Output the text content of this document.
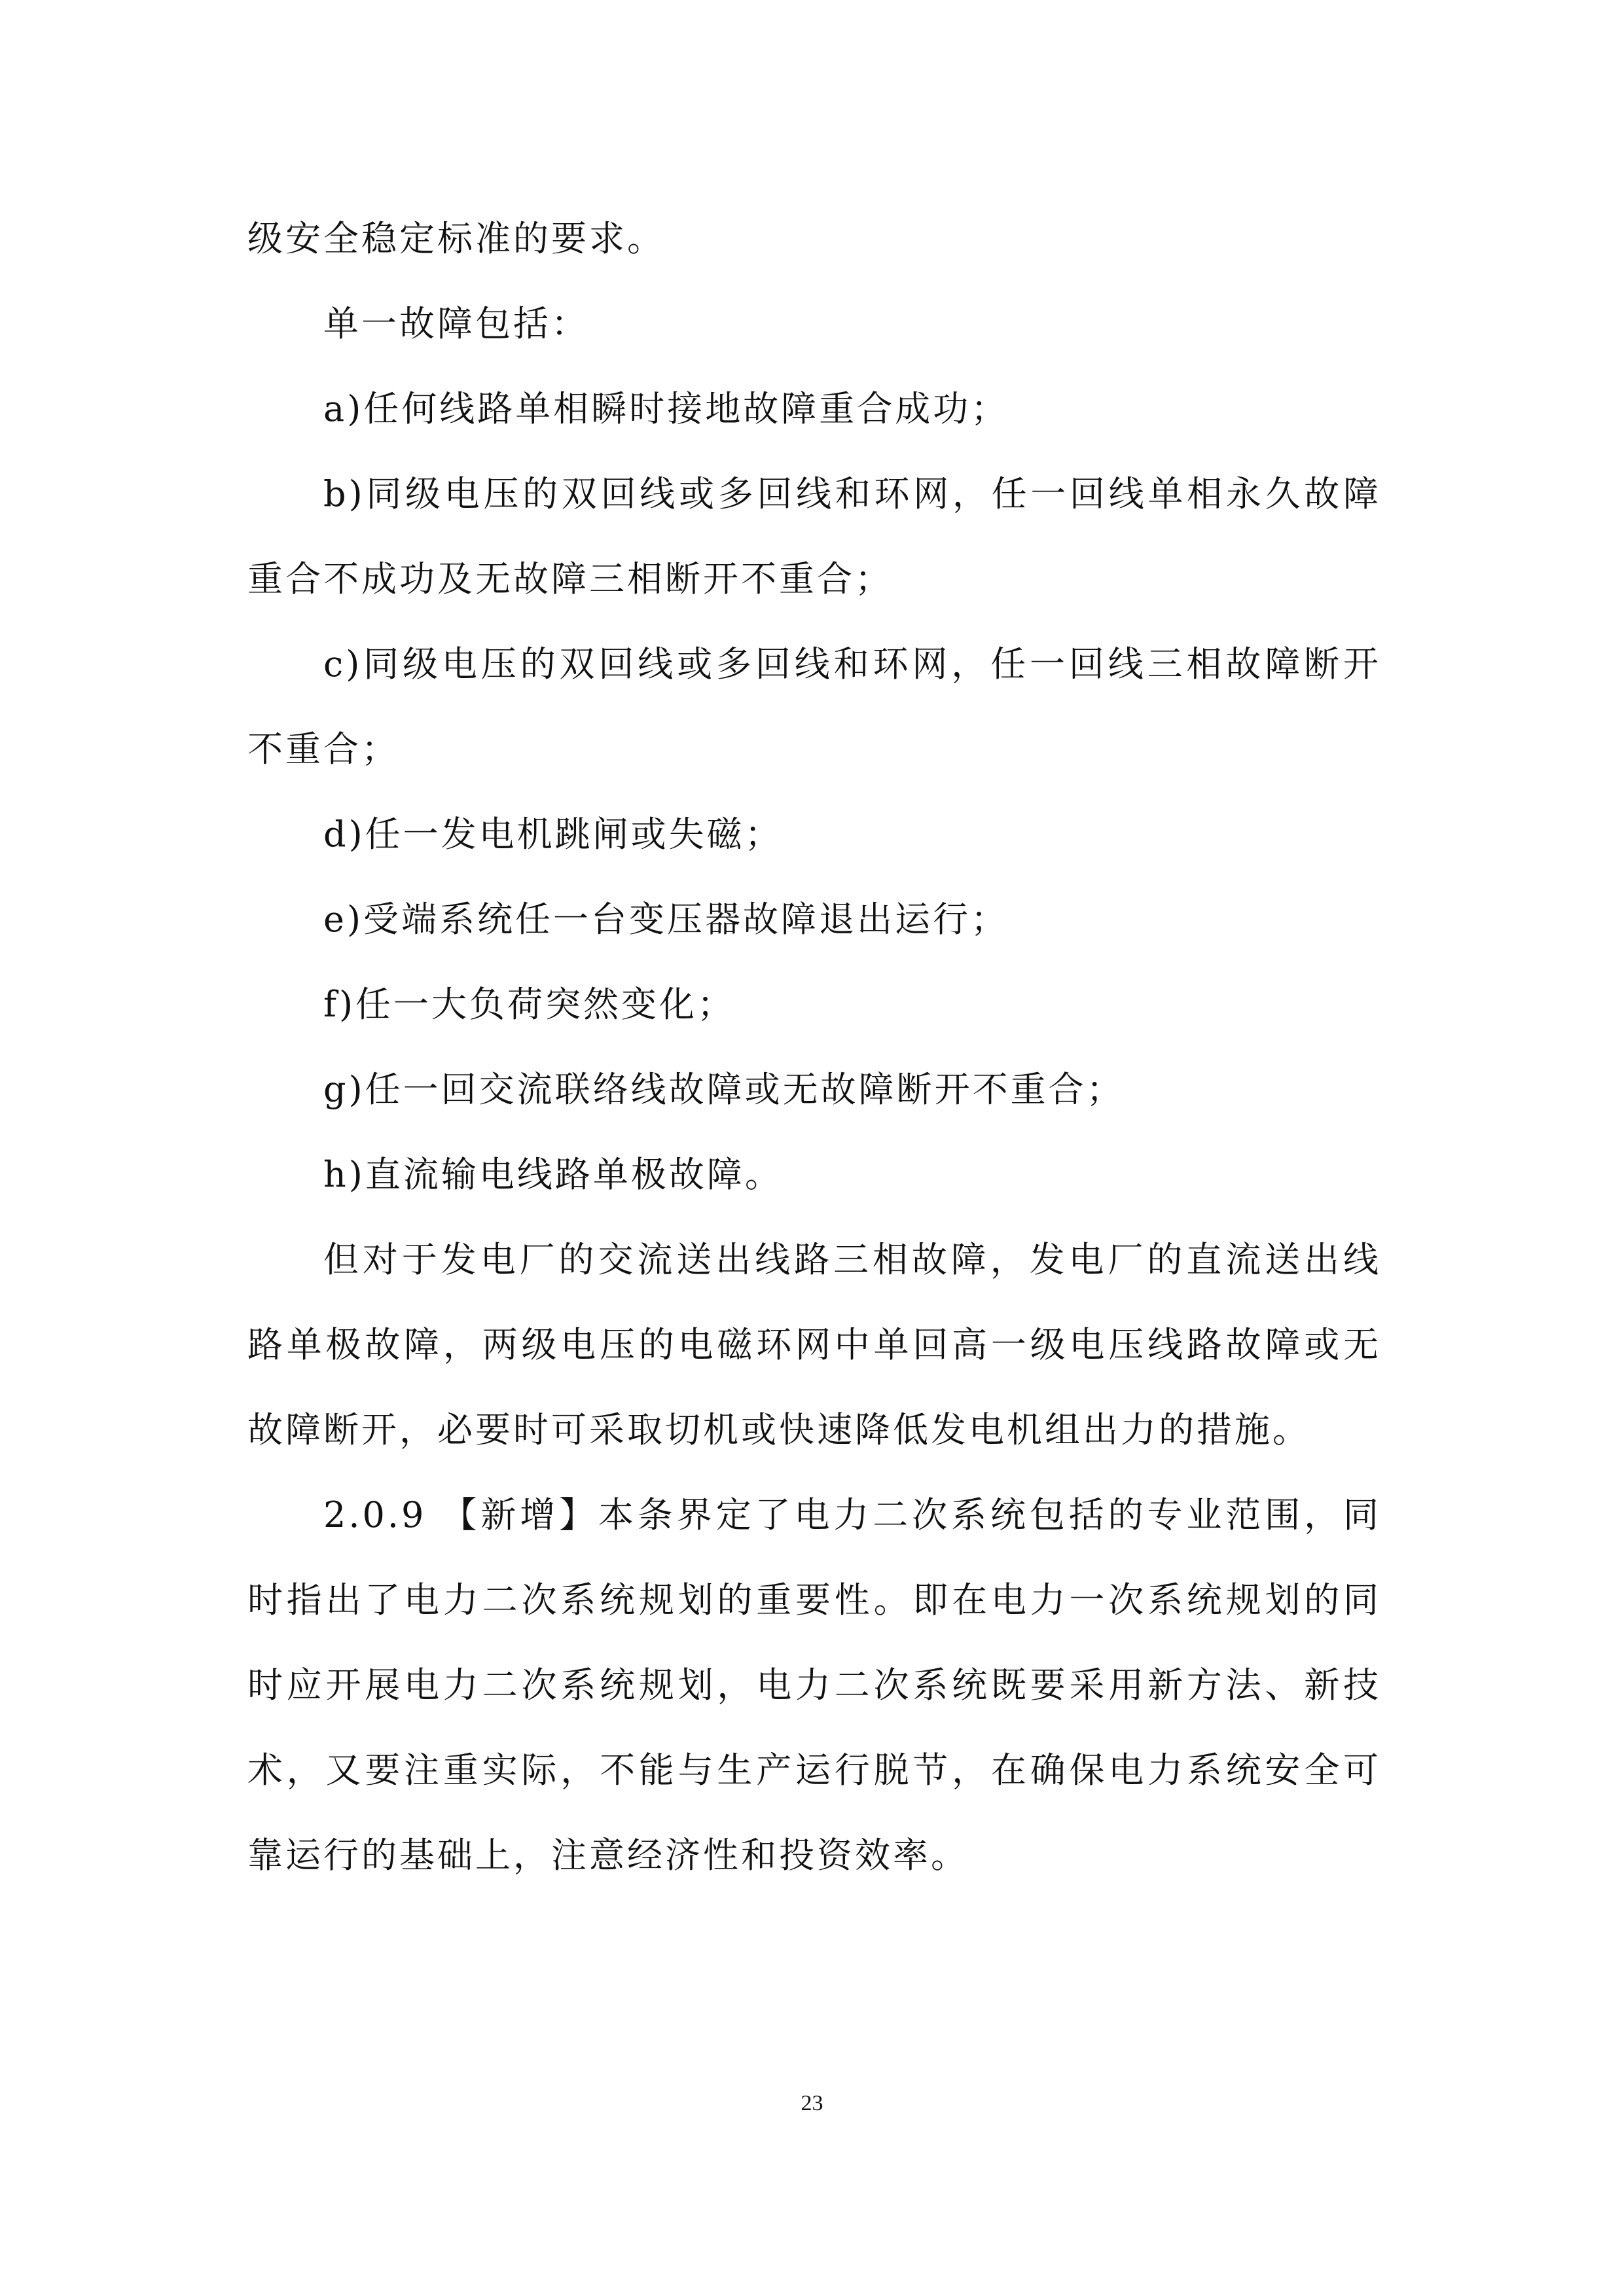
级安全稳定标准的要求。

单一故障包括：

a)任何线路单相瞬时接地故障重合成功；

b)同级电压的双回线或多回线和环网，任一回线单相永久故障重合不成功及无故障三相断开不重合；

c)同级电压的双回线或多回线和环网，任一回线三相故障断开不重合；

d)任一发电机跳闸或失磁；

e)受端系统任一台变压器故障退出运行；

f)任一大负荷突然变化；

g)任一回交流联络线故障或无故障断开不重合；

h)直流输电线路单极故障。

但对于发电厂的交流送出线路三相故障，发电厂的直流送出线路单极故障，两级电压的电磁环网中单回高一级电压线路故障或无故障断开，必要时可采取切机或快速降低发电机组出力的措施。

2.0.9 【新增】本条界定了电力二次系统包括的专业范围，同时指出了电力二次系统规划的重要性。即在电力一次系统规划的同时应开展电力二次系统规划，电力二次系统既要采用新方法、新技术，又要注重实际，不能与生产运行脱节，在确保电力系统安全可靠运行的基础上，注意经济性和投资效率。

23
